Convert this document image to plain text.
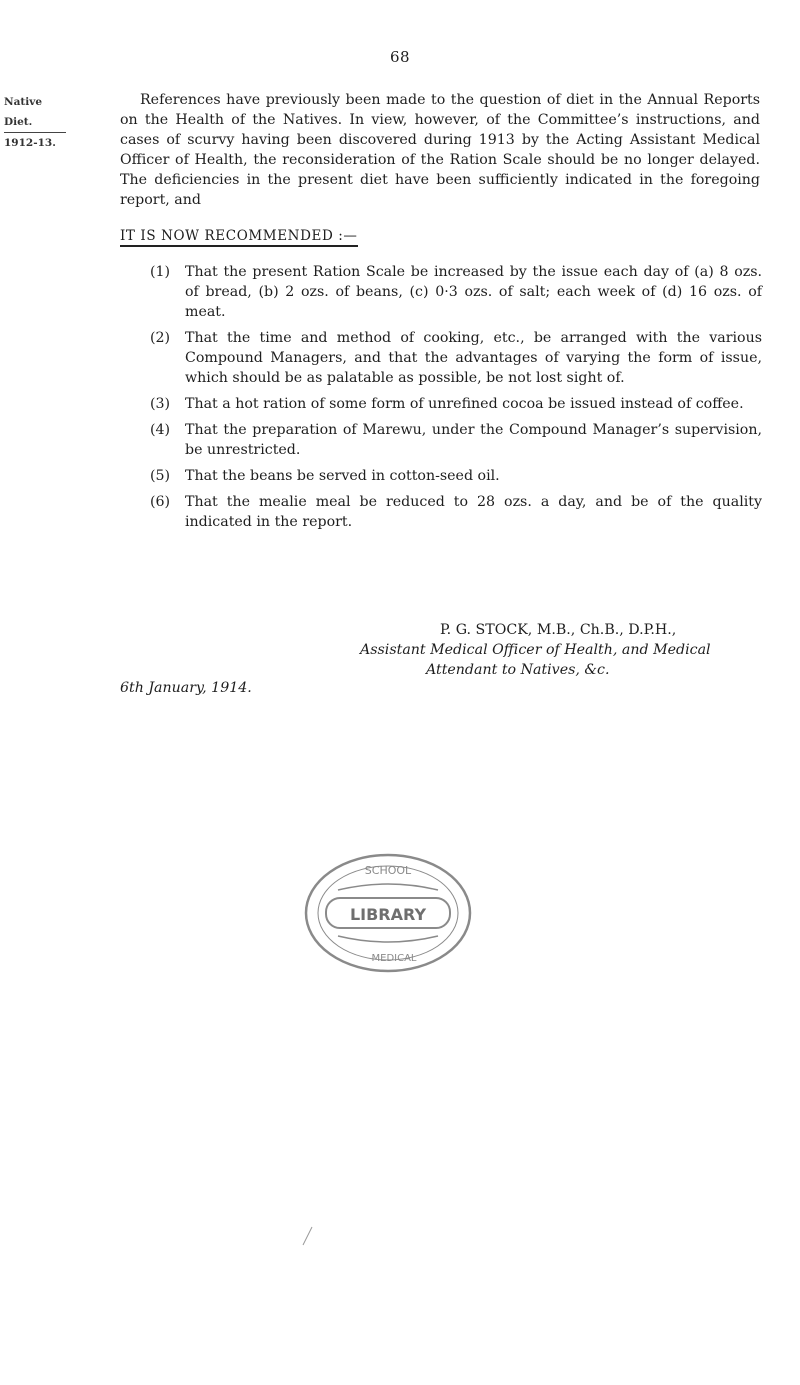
68
Native Diet.
1912-13.

References have previously been made to the question of diet in the Annual Reports on the Health of the Natives. In view, however, of the Committee’s instructions, and cases of scurvy having been discovered during 1913 by the Acting Assistant Medical Officer of Health, the reconsideration of the Ration Scale should be no longer delayed. The deficiencies in the present diet have been sufficiently indicated in the foregoing report, and

IT IS NOW RECOMMENDED :—
(1)	That the present Ration Scale be increased by the issue each day of (a) 8 ozs. of bread, (b) 2 ozs. of beans, (c) 0·3 ozs. of salt; each week of (d) 16 ozs. of meat.
(2)	That the time and method of cooking, etc., be arranged with the various Compound Managers, and that the advantages of varying the form of issue, which should be as palatable as possible, be not lost sight of.
(3)	That a hot ration of some form of unrefined cocoa be issued instead of coffee.
(4)	That the preparation of Marewu, under the Compound Manager’s supervision, be unrestricted.
(5)	That the beans be served in cotton-seed oil.
(6)	That the mealie meal be reduced to 28 ozs. a day, and be of the quality indicated in the report.
P. G. STOCK, M.B., Ch.B., D.P.H.,
Assistant Medical Officer of Health, and Medical
Attendant to Natives, &c.
6th January, 1914.
SCHOOL
LIBRARY
MEDICAL
